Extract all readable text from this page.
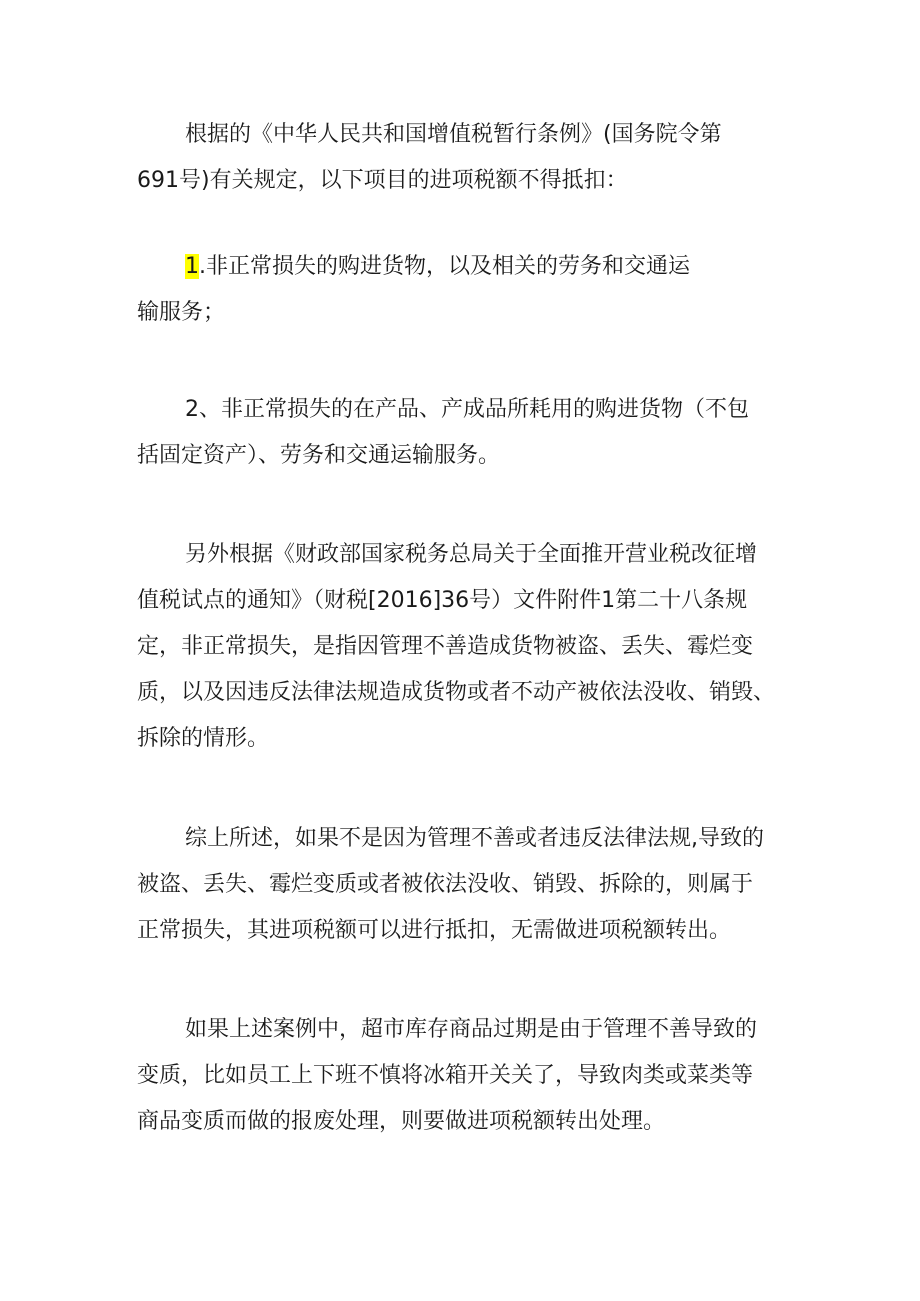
根据的《中华人民共和国增值税暂行条例》(国务院令第
691号)有关规定，以下项目的进项税额不得抵扣：

1.非正常损失的购进货物，以及相关的劳务和交通运
输服务；

2、非正常损失的在产品、产成品所耗用的购进货物（不包
括固定资产）、劳务和交通运输服务。

另外根据《财政部国家税务总局关于全面推开营业税改征增
值税试点的通知》（财税[2016]36号）文件附件1第二十八条规
定，非正常损失，是指因管理不善造成货物被盗、丢失、霉烂变
质，以及因违反法律法规造成货物或者不动产被依法没收、销毁、
拆除的情形。

综上所述，如果不是因为管理不善或者违反法律法规,导致的
被盗、丢失、霉烂变质或者被依法没收、销毁、拆除的，则属于
正常损失，其进项税额可以进行抵扣，无需做进项税额转出。

如果上述案例中，超市库存商品过期是由于管理不善导致的
变质，比如员工上下班不慎将冰箱开关关了，导致肉类或菜类等
商品变质而做的报废处理，则要做进项税额转出处理。
